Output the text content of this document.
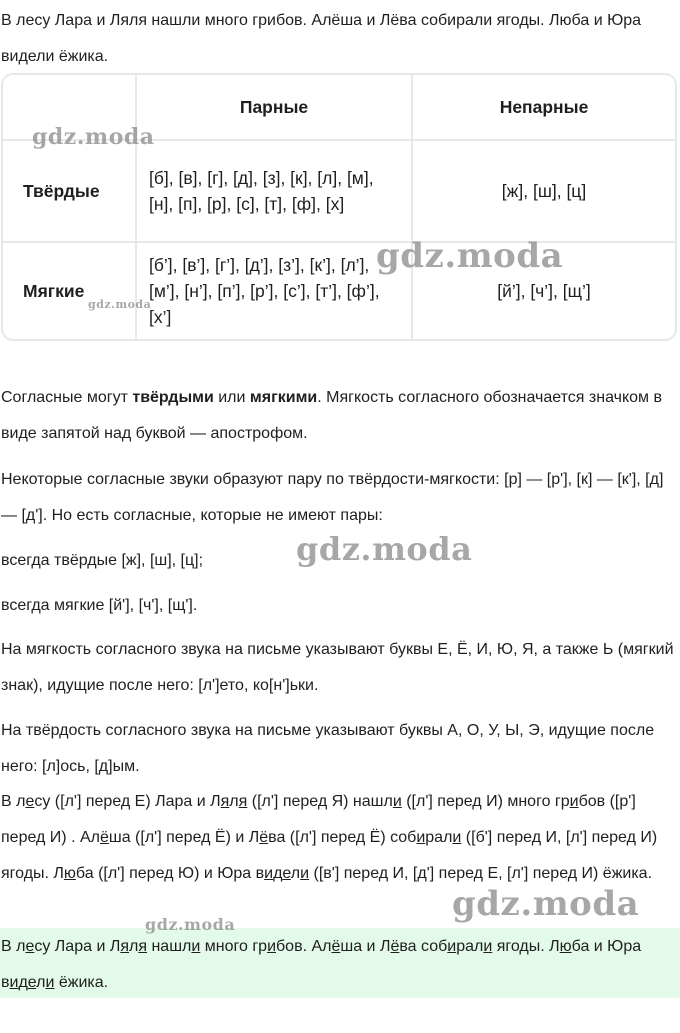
В лесу Лара и Ляля нашли много грибов. Алёша и Лёва собирали ягоды. Люба и Юра видели ёжика.

	Парные	Непарные
Твёрдые	[б], [в], [г], [д], [з], [к], [л], [м], [н], [п], [р], [с], [т], [ф], [х]	[ж], [ш], [ц]
Мягкие	[б’], [в’], [г’], [д’], [з’], [к’], [л’], [м’], [н’], [п’], [р’], [с’], [т’], [ф’], [х’]	[й’], [ч’], [щ’]

Согласные могут твёрдыми или мягкими. Мягкость согласного обозначается значком в виде запятой над буквой — апострофом.

Некоторые согласные звуки образуют пару по твёрдости-мягкости: [р] — [р'], [к] — [к'], [д] — [д']. Но есть согласные, которые не имеют пары:

всегда твёрдые [ж], [ш], [ц];

всегда мягкие [й'], [ч'], [щ'].

На мягкость согласного звука на письме указывают буквы Е, Ё, И, Ю, Я, а также Ь (мягкий знак), идущие после него: [л']ето, ко[н']ьки.

На твёрдость согласного звука на письме указывают буквы А, О, У, Ы, Э, идущие после него: [л]ось, [д]ым.

В лесу ([л'] перед Е) Лара и Ляля ([л'] перед Я) нашли ([л'] перед И) много грибов ([р'] перед И) . Алёша ([л'] перед Ё) и Лёва ([л'] перед Ё) собирали ([б'] перед И, [л'] перед И) ягоды. Люба ([л'] перед Ю) и Юра видели ([в'] перед И, [д'] перед Е, [л'] перед И) ёжика.

В лесу Лара и Ляля нашли много грибов. Алёша и Лёва собирали ягоды. Люба и Юра видели ёжика.

gdz.moda
gdz.moda
gdz.moda
gdz.moda
gdz.moda
gdz.moda
